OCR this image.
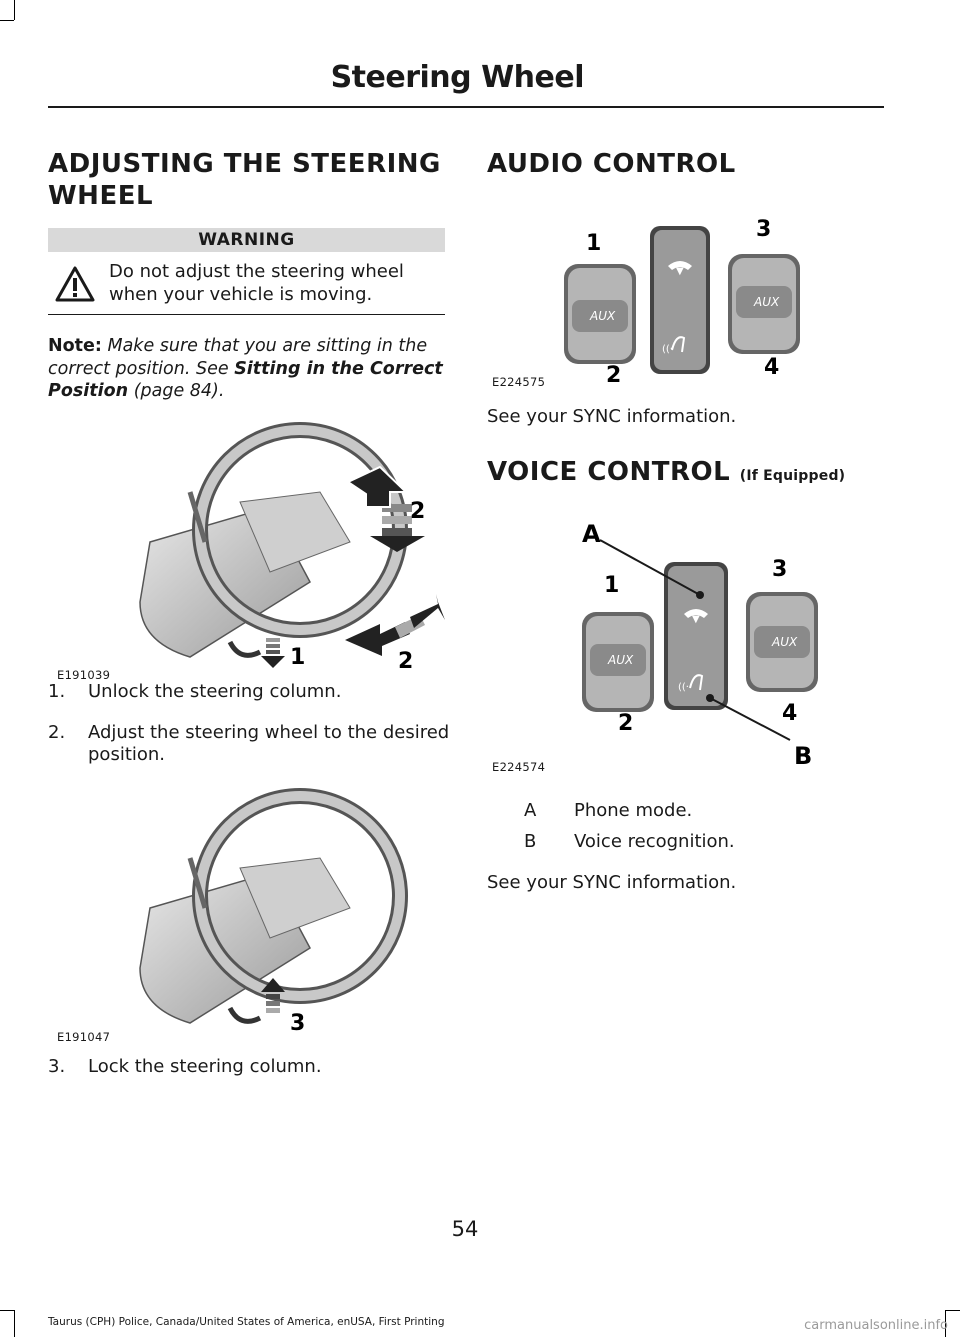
Steering Wheel
ADJUSTING THE STEERING
WHEEL
WARNING
Do not adjust the steering wheel when your vehicle is moving.
Note: Make sure that you are sitting in the correct position. See Sitting in the Correct Position (page 84).
2
1	2
E191039
1. Unlock the steering column.
2. Adjust the steering wheel to the desired
position.
3
E191047
3. Lock the steering column.
AUDIO CONTROL
AUX
▼
((·
AUX
1
2
3
4
E224575
See your SYNC information.
VOICE CONTROL (If Equipped)
AUX
▼
((·
AUX
A
B
1
2
3
4
E224574
A Phone mode.
B Voice recognition.
See your SYNC information.
54
Taurus (CPH) Police, Canada/United States of America, enUSA, First Printing	carmanualsonline.info
